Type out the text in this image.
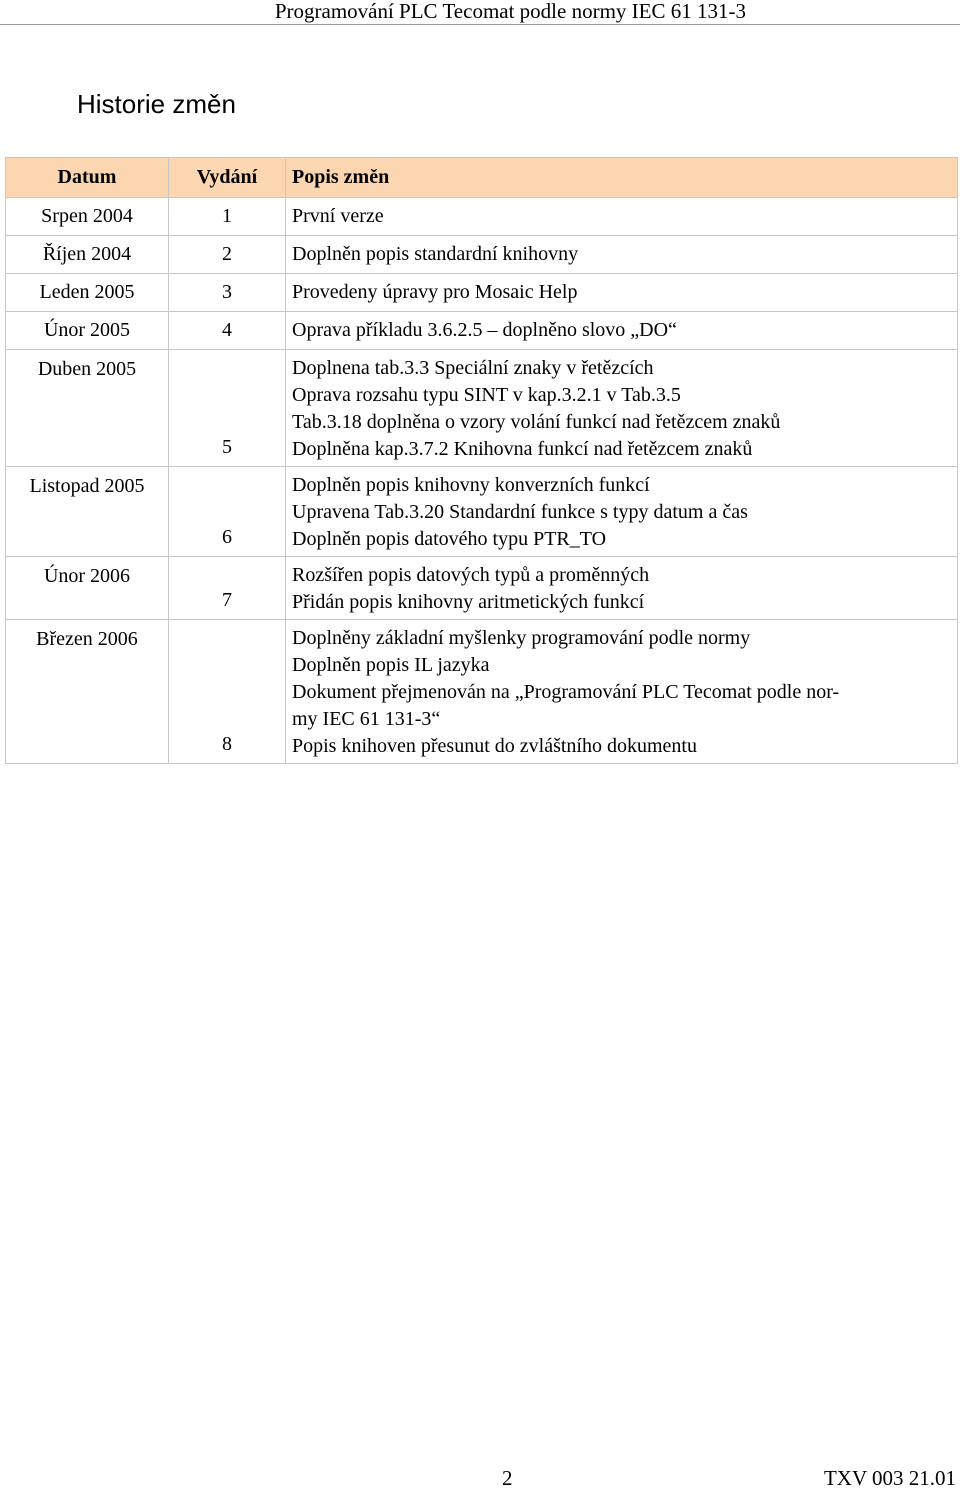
Programování PLC Tecomat podle normy IEC 61 131-3
Historie změn
Datum	Vydání	Popis změn
Srpen 2004	1	První verze

Říjen 2004	2	Doplněn popis standardní knihovny

Leden 2005	3	Provedeny úpravy pro Mosaic Help

Únor 2005	4	Oprava příkladu 3.6.2.5 – doplněno slovo „DO“

Duben 2005	5	Doplnena tab.3.3 Speciální znaky v řetězcích
Oprava rozsahu typu SINT v kap.3.2.1 v Tab.3.5
Tab.3.18 doplněna o vzory volání funkcí nad řetězcem znaků
Doplněna kap.3.7.2 Knihovna funkcí nad řetězcem znaků

Listopad 2005	6	Doplněn popis knihovny konverzních funkcí
Upravena Tab.3.20 Standardní funkce s typy datum a čas
Doplněn popis datového typu PTR_TO

Únor 2006	7	Rozšířen popis datových typů a proměnných
Přidán popis knihovny aritmetických funkcí

Březen 2006	8	Doplněny základní myšlenky programování podle normy
Doplněn popis IL jazyka
Dokument přejmenován na „Programování PLC Tecomat podle nor-
my IEC 61 131-3“
Popis knihoven přesunut do zvláštního dokumentu
2	TXV 003 21.01
